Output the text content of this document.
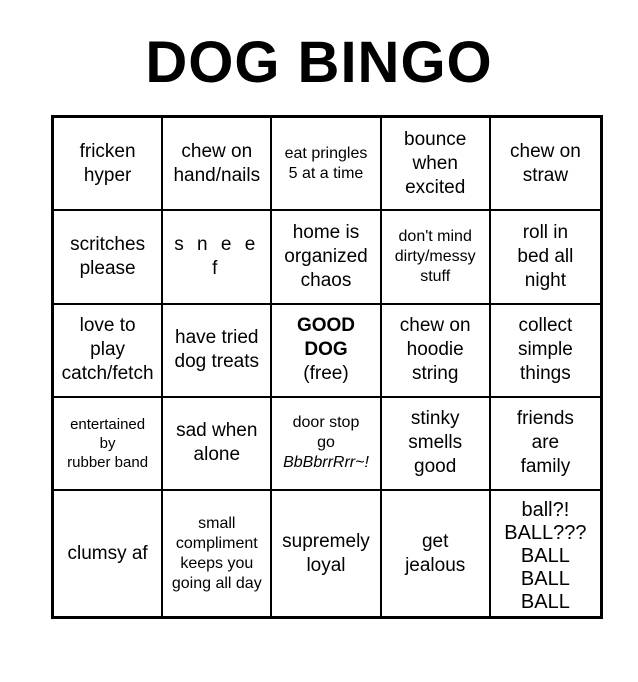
DOG BINGO
fricken
hyper
chew on
hand/nails
eat pringles
5 at a time
bounce
when
excited
chew on
straw
scritches
please
s n e e f
home is
organized
chaos
don't mind
dirty/messy
stuff
roll in
bed all
night
love to
play
catch/fetch
have tried
dog treats
GOOD
DOG
(free)
chew on
hoodie
string
collect
simple
things
entertained
by
rubber band
sad when
alone
door stop
go
BbBbrrRrr~!
stinky
smells
good
friends
are
family
clumsy af
small
compliment
keeps you
going all day
supremely
loyal
get
jealous
ball?!
BALL???
BALL
BALL
BALL
